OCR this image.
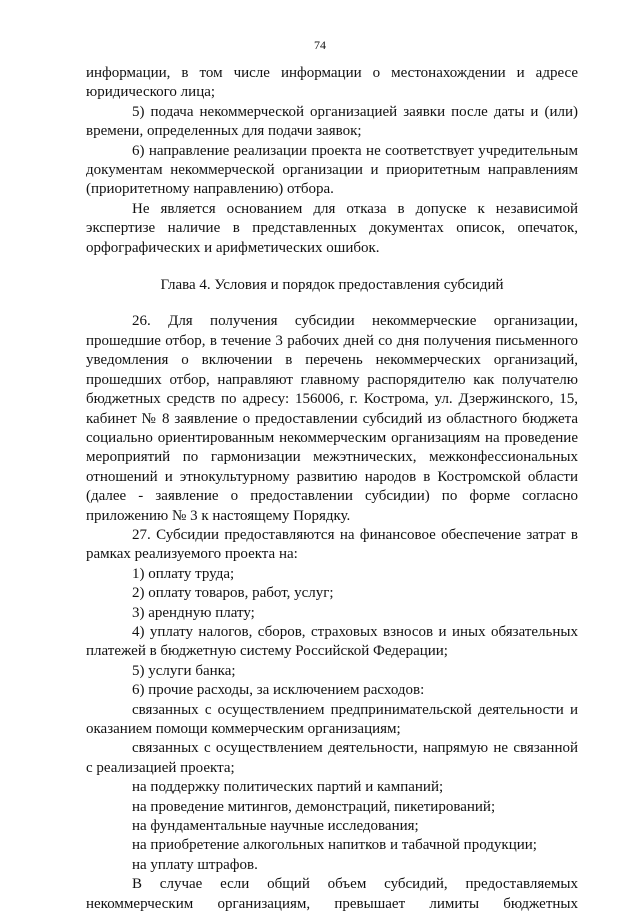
74

информации, в том числе информации о местонахождении и адресе юридического лица;

5) подача некоммерческой организацией заявки после даты и (или) времени, определенных для подачи заявок;

6) направление реализации проекта не соответствует учредительным документам некоммерческой организации и приоритетным направлениям (приоритетному направлению) отбора.

Не является основанием для отказа в допуске к независимой экспертизе наличие в представленных документах описок, опечаток, орфографических и арифметических ошибок.

Глава 4. Условия и порядок предоставления субсидий

26. Для получения субсидии некоммерческие организации, прошедшие отбор, в течение 3 рабочих дней со дня получения письменного уведомления о включении в перечень некоммерческих организаций, прошедших отбор, направляют главному распорядителю как получателю бюджетных средств по адресу: 156006, г. Кострома, ул. Дзержинского, 15, кабинет № 8 заявление о предоставлении субсидий из областного бюджета социально ориентированным некоммерческим организациям на проведение мероприятий по гармонизации межэтнических, межконфессиональных отношений и этнокультурному развитию народов в Костромской области (далее - заявление о предоставлении субсидии) по форме согласно приложению № 3 к настоящему Порядку.

27. Субсидии предоставляются на финансовое обеспечение затрат в рамках реализуемого проекта на:

1) оплату труда;

2) оплату товаров, работ, услуг;

3) арендную плату;

4) уплату налогов, сборов, страховых взносов и иных обязательных платежей в бюджетную систему Российской Федерации;

5) услуги банка;

6) прочие расходы, за исключением расходов:

связанных с осуществлением предпринимательской деятельности и оказанием помощи коммерческим организациям;

связанных с осуществлением деятельности, напрямую не связанной с реализацией проекта;

на поддержку политических партий и кампаний;

на проведение митингов, демонстраций, пикетирований;

на фундаментальные научные исследования;

на приобретение алкогольных напитков и табачной продукции;

на уплату штрафов.

В случае если общий объем субсидий, предоставляемых некоммерческим организациям, превышает лимиты бюджетных
